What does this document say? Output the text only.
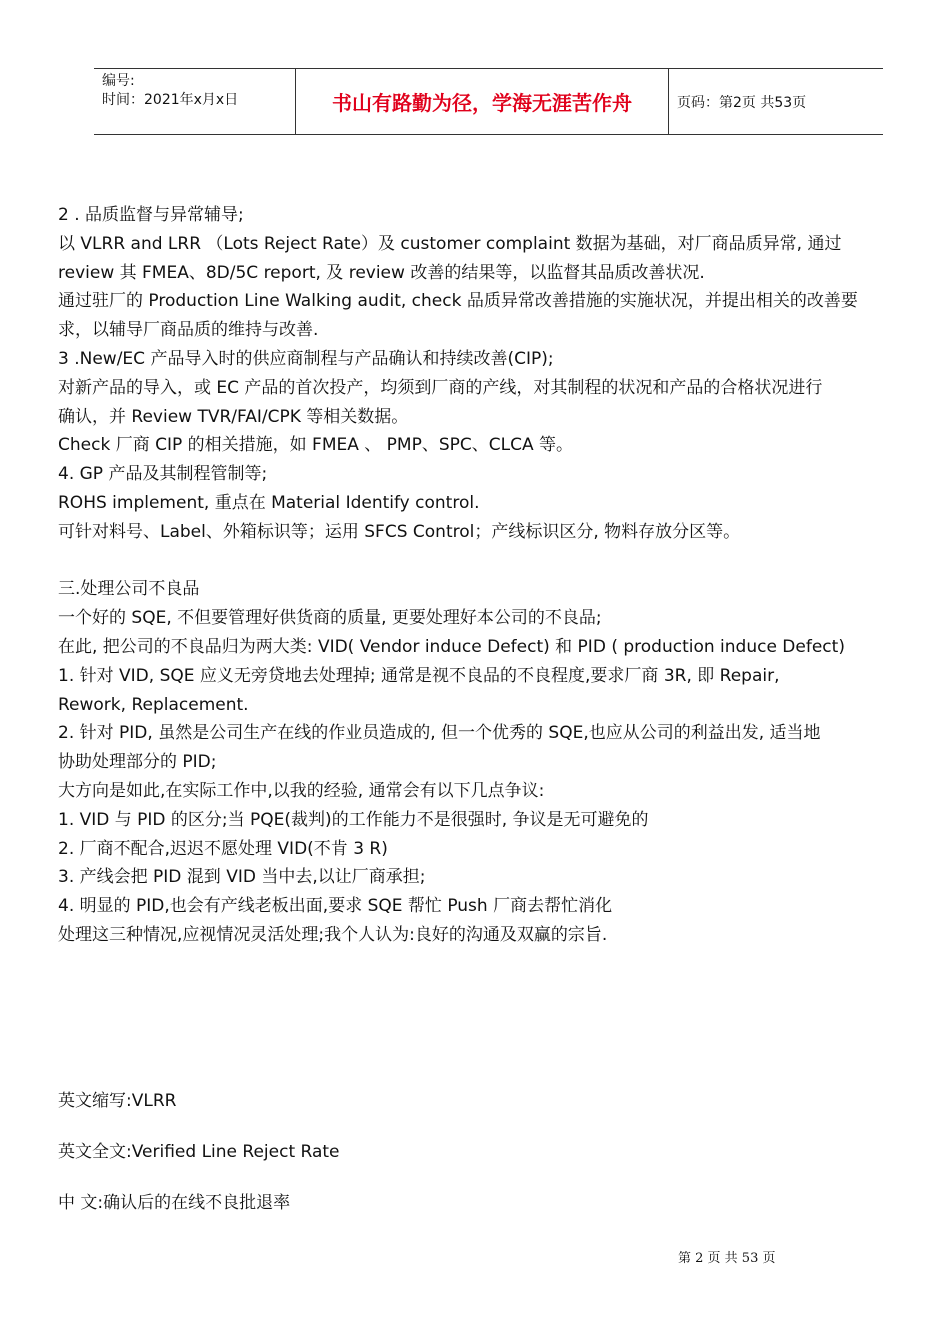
编号:
时间：2021年x月x日	书山有路勤为径，学海无涯苦作舟	页码：第2页 共53页
2 . 品质监督与异常辅导;
以 VLRR and LRR （Lots Reject Rate）及 customer complaint 数据为基础，对厂商品质异常, 通过
review 其 FMEA、8D/5C report, 及 review 改善的结果等，以监督其品质改善状况.
通过驻厂的 Production Line Walking audit, check 品质异常改善措施的实施状况，并提出相关的改善要
求，以辅导厂商品质的维持与改善.
3 .New/EC 产品导入时的供应商制程与产品确认和持续改善(CIP);
对新产品的导入，或 EC 产品的首次投产，均须到厂商的产线，对其制程的状况和产品的合格状况进行
确认，并 Review TVR/FAI/CPK 等相关数据。
Check 厂商 CIP 的相关措施，如 FMEA 、 PMP、SPC、CLCA 等。
4. GP 产品及其制程管制等;
ROHS implement, 重点在 Material Identify control.
可针对料号、Label、外箱标识等；运用 SFCS Control；产线标识区分, 物料存放分区等。
三.处理公司不良品
一个好的 SQE, 不但要管理好供货商的质量, 更要处理好本公司的不良品;
在此, 把公司的不良品归为两大类: VID( Vendor induce Defect) 和 PID ( production induce Defect)
1. 针对 VID, SQE 应义无旁贷地去处理掉; 通常是视不良品的不良程度,要求厂商 3R, 即 Repair,
Rework, Replacement.
2. 针对 PID, 虽然是公司生产在线的作业员造成的, 但一个优秀的 SQE,也应从公司的利益出发, 适当地
协助处理部分的 PID;
大方向是如此,在实际工作中,以我的经验, 通常会有以下几点争议:
1. VID 与 PID 的区分;当 PQE(裁判)的工作能力不是很强时, 争议是无可避免的
2. 厂商不配合,迟迟不愿处理 VID(不肯 3 R)
3. 产线会把 PID 混到 VID 当中去,以让厂商承担;
4. 明显的 PID,也会有产线老板出面,要求 SQE 帮忙 Push 厂商去帮忙消化
处理这三种情况,应视情况灵活处理;我个人认为:良好的沟通及双赢的宗旨.
英文缩写:VLRR
英文全文:Verified Line Reject Rate
中 文:确认后的在线不良批退率
第 2 页 共 53 页
